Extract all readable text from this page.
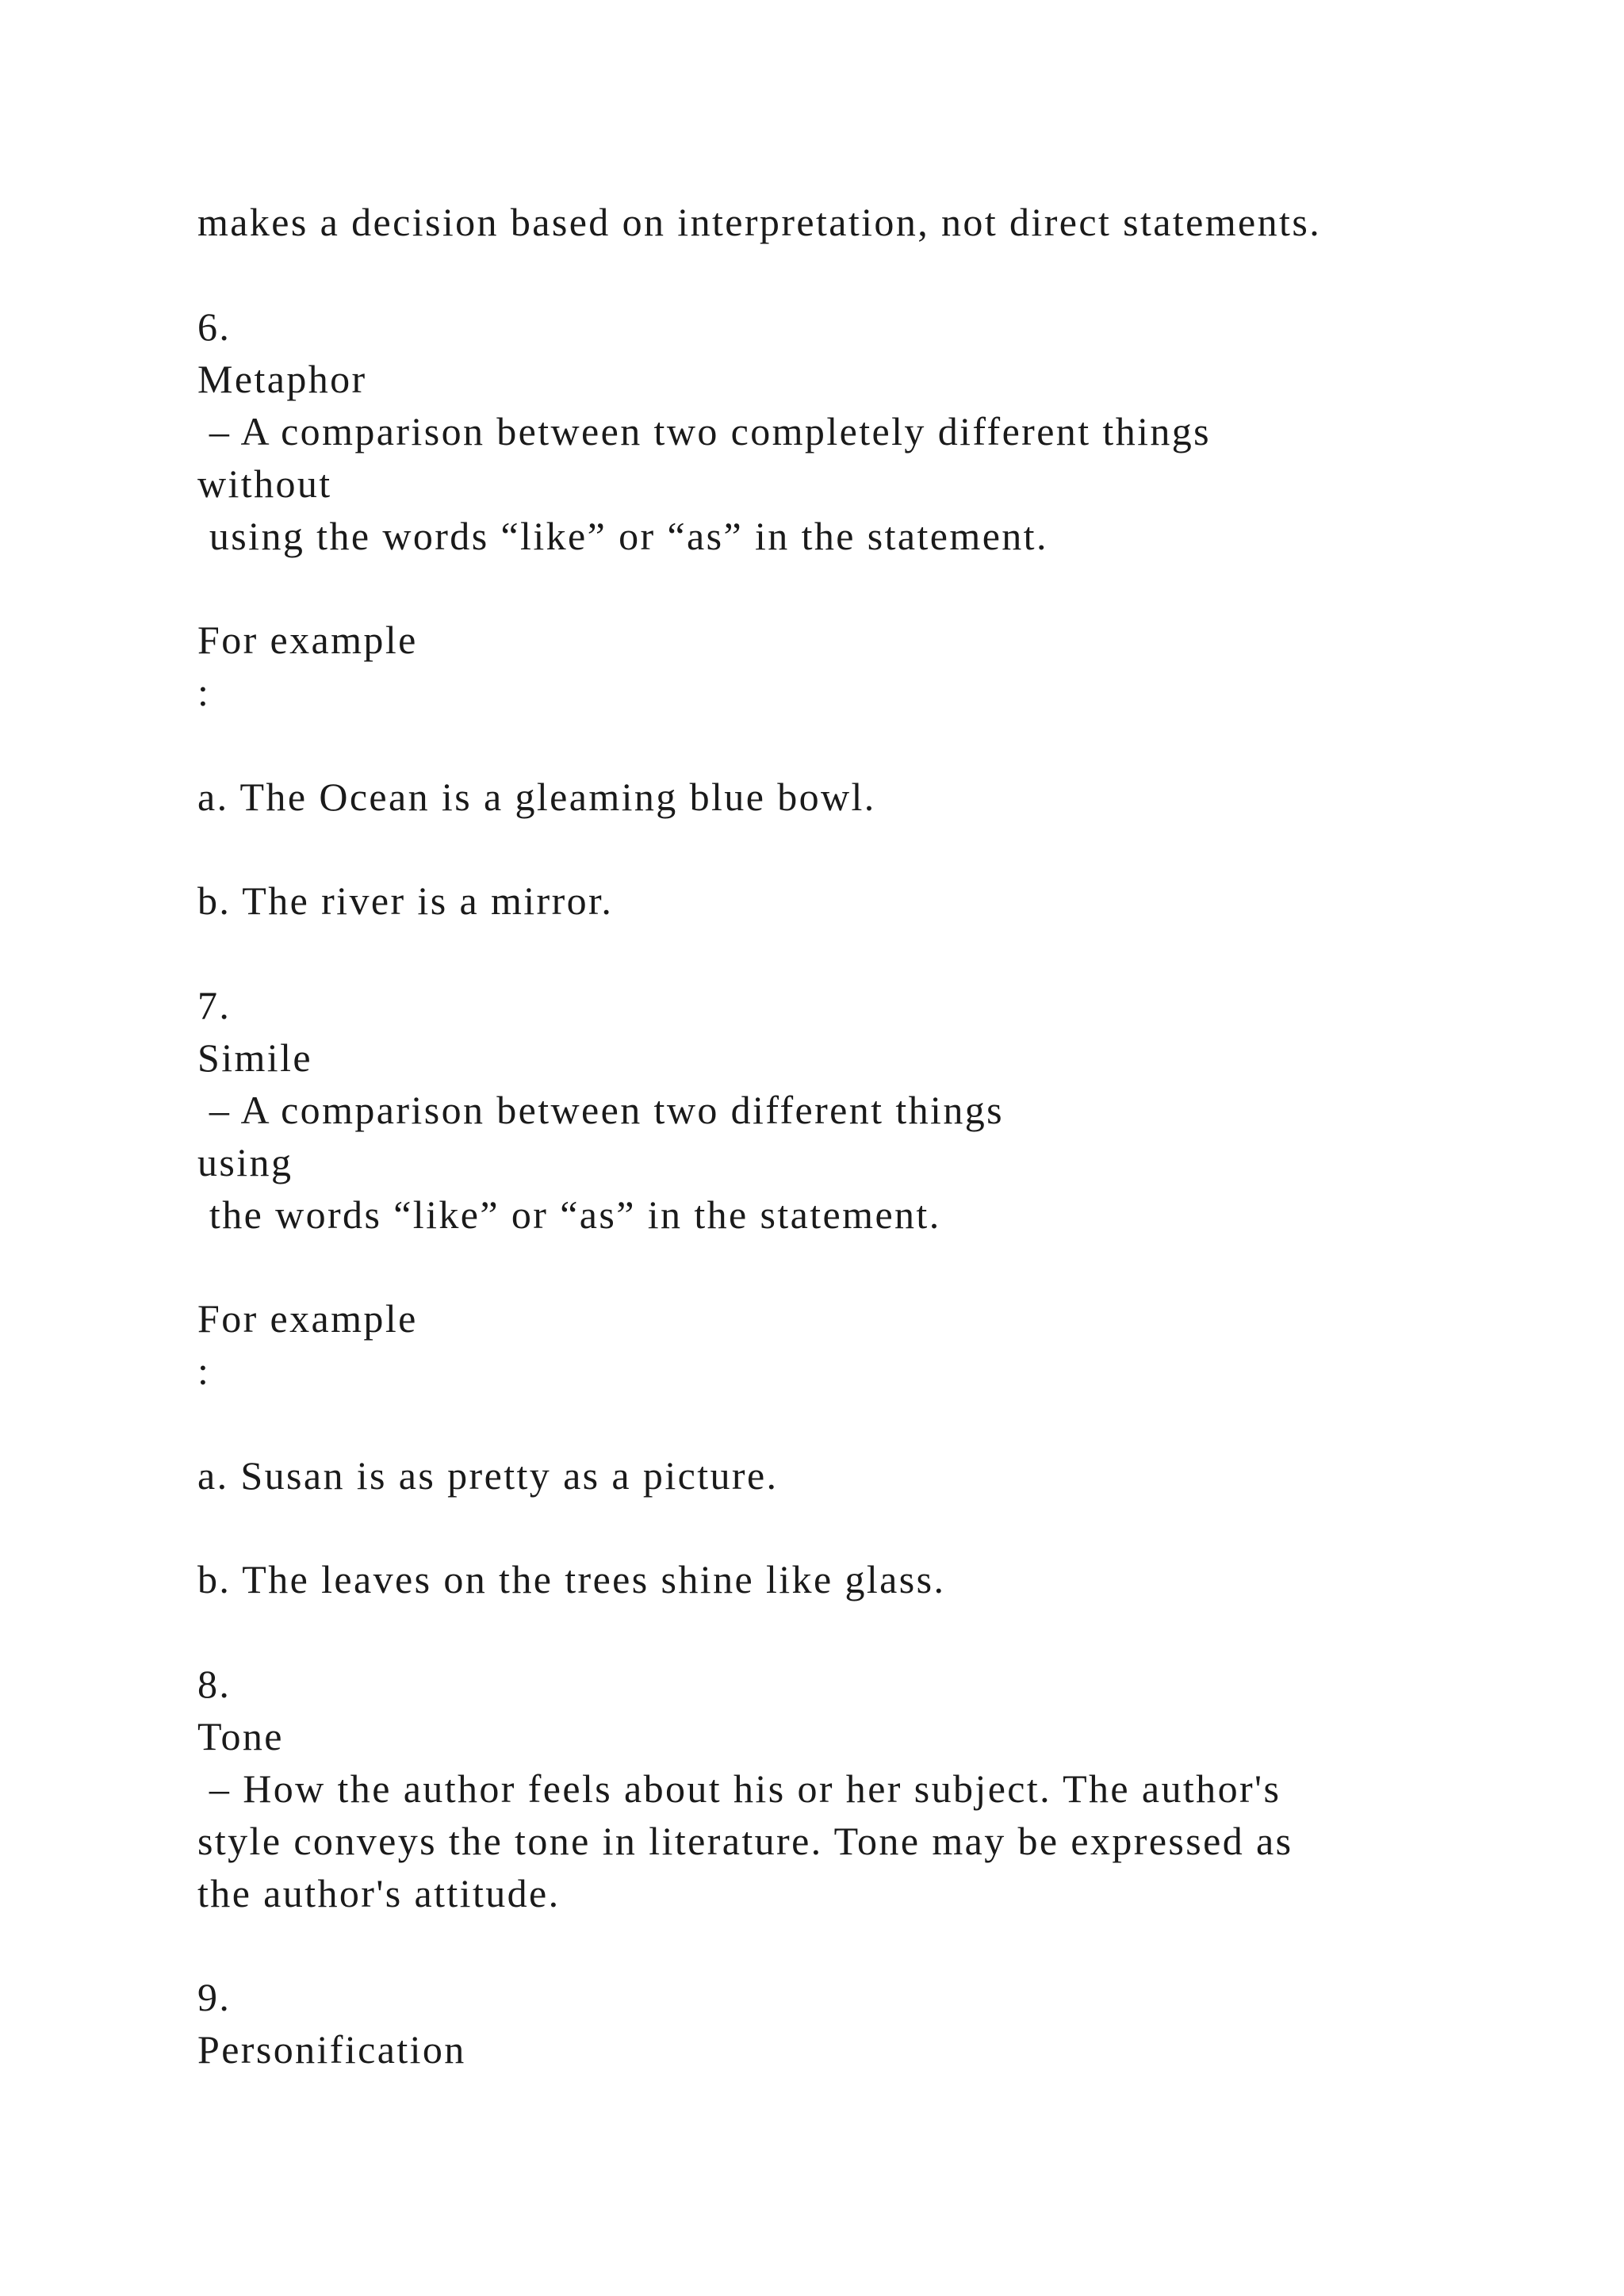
makes a decision based on interpretation, not direct statements.

6.

Metaphor

– A comparison between two completely different things

without

using the words “like” or “as” in the statement.

For example

:

a. The Ocean is a gleaming blue bowl.

b. The river is a mirror.

7.

Simile

– A comparison between two different things

using

the words “like” or “as” in the statement.

For example

:

a. Susan is as pretty as a picture.

b. The leaves on the trees shine like glass.

8.

Tone

– How the author feels about his or her subject. The author's

style conveys the tone in literature. Tone may be expressed as

the author's attitude.

9.

Personification
